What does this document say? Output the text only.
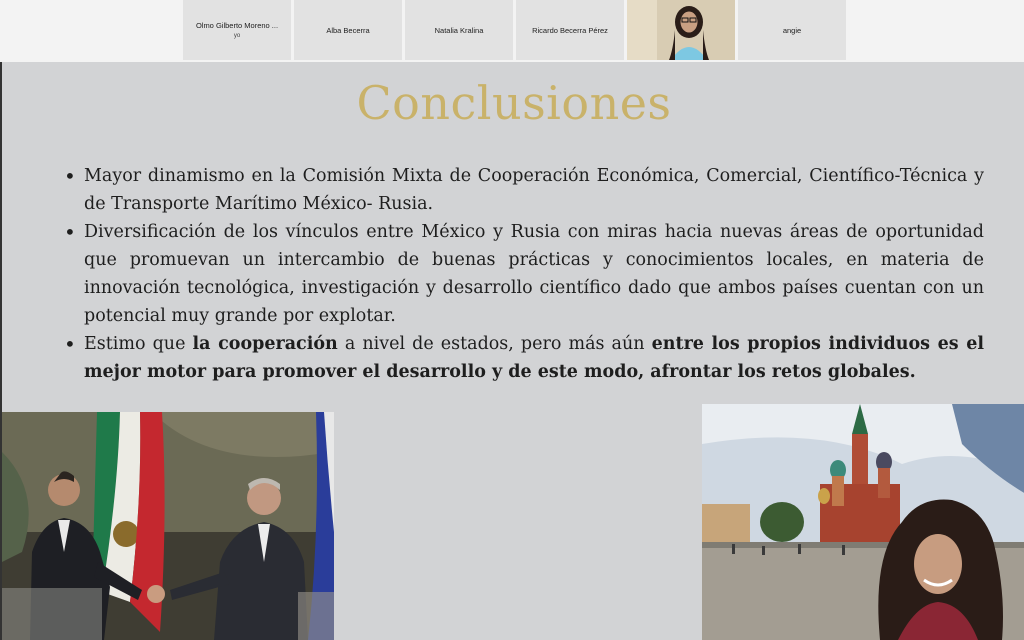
Olmo Gilberto Moreno ...
yo
Alba Becerra	Natalia Kralina	Ricardo Becerra Pérez	angie
Conclusiones
• Mayor dinamismo en la Comisión Mixta de Cooperación Económica, Comercial, Científico-Técnica y de Transporte Marítimo México- Rusia.
• Diversificación de los vínculos entre México y Rusia con miras hacia nuevas áreas de oportunidad que promuevan un intercambio de buenas prácticas y conocimientos locales, en materia de innovación tecnológica, investigación y desarrollo científico dado que ambos países cuentan con un potencial muy grande por explotar.
• Estimo que la cooperación a nivel de estados, pero más aún entre los propios individuos es el mejor motor para promover el desarrollo y de este modo, afrontar los retos globales.
